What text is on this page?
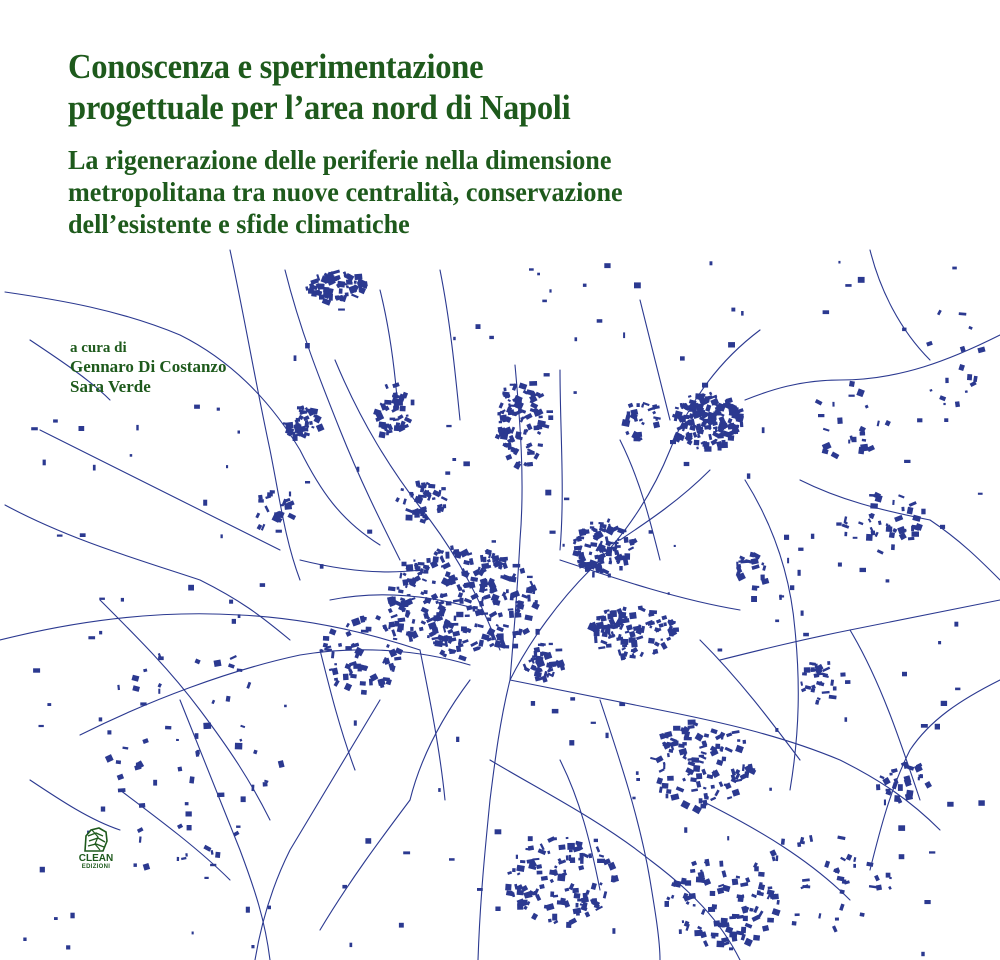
Conoscenza e sperimentazione
progettuale per l’area nord di Napoli
La rigenerazione delle periferie nella dimensione
metropolitana tra nuove centralità, conservazione
dell’esistente e sfide climatiche
a cura di
Gennaro Di Costanzo
Sara Verde
CLEAN
EDIZIONI
